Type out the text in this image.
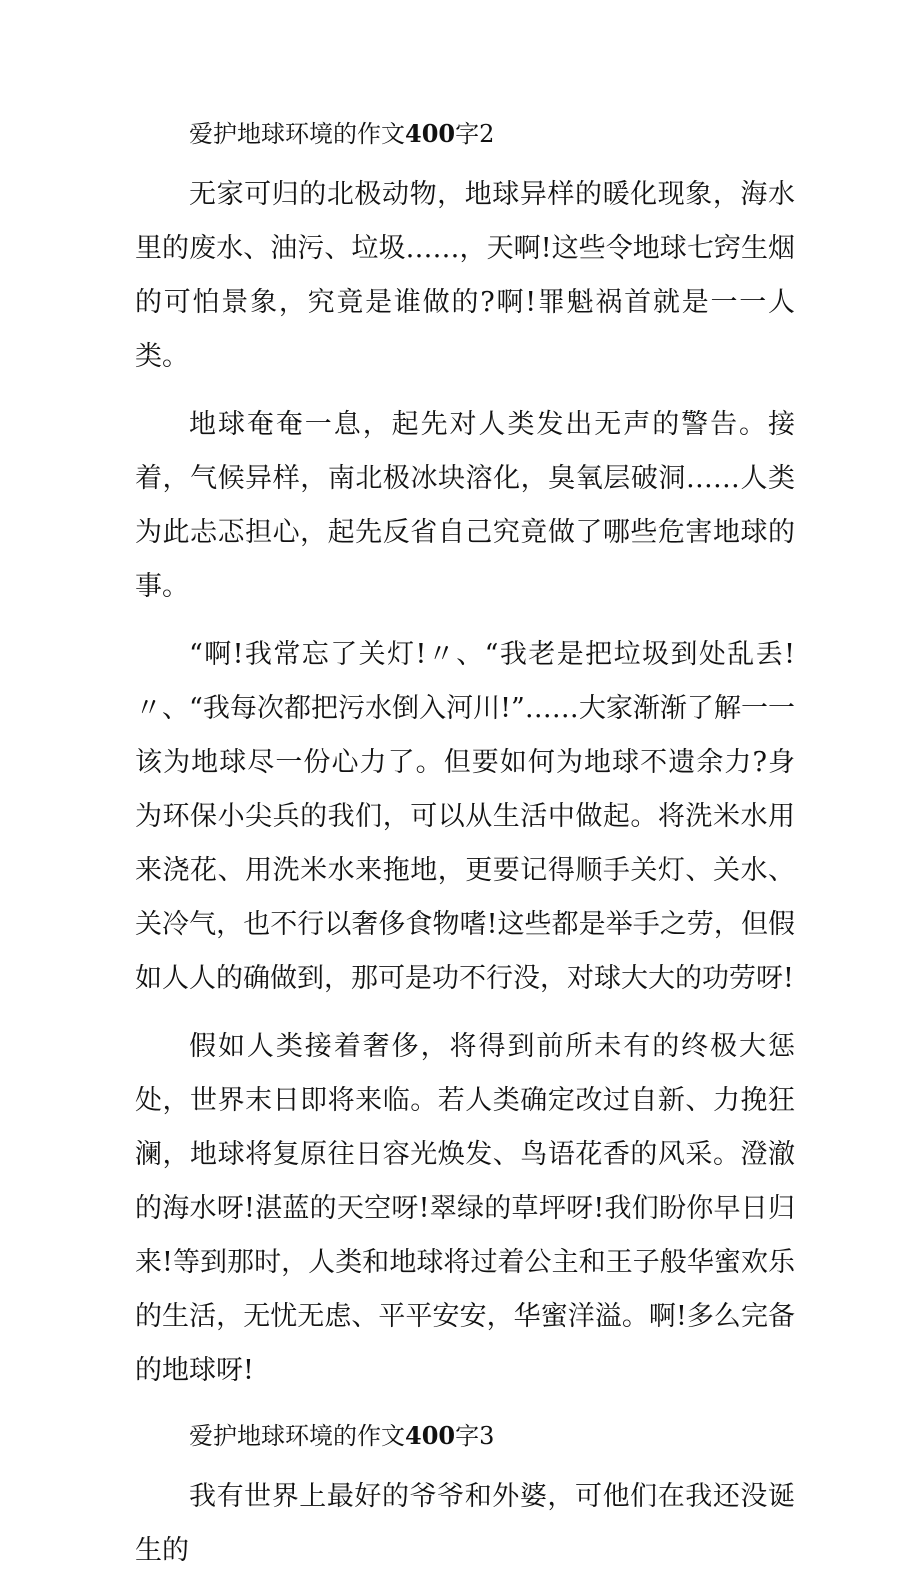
爱护地球环境的作文400字2

无家可归的北极动物，地球异样的暖化现象，海水里的废水、油污、垃圾……，天啊!这些令地球七窍生烟的可怕景象，究竟是谁做的?啊!罪魁祸首就是一一人类。

地球奄奄一息，起先对人类发出无声的警告。接着，气候异样，南北极冰块溶化，臭氧层破洞……人类为此忐忑担心，起先反省自己究竟做了哪些危害地球的事。

“啊!我常忘了关灯!〃、“我老是把垃圾到处乱丢!〃、“我每次都把污水倒入河川!”……大家渐渐了解一一该为地球尽一份心力了。但要如何为地球不遗余力?身为环保小尖兵的我们，可以从生活中做起。将洗米水用来浇花、用洗米水来拖地，更要记得顺手关灯、关水、关冷气，也不行以奢侈食物嗜!这些都是举手之劳，但假如人人的确做到，那可是功不行没，对球大大的功劳呀!

假如人类接着奢侈，将得到前所未有的终极大惩处，世界末日即将来临。若人类确定改过自新、力挽狂澜，地球将复原往日容光焕发、鸟语花香的风采。澄澈的海水呀!湛蓝的天空呀!翠绿的草坪呀!我们盼你早日归来!等到那时，人类和地球将过着公主和王子般华蜜欢乐的生活，无忧无虑、平平安安，华蜜洋溢。啊!多么完备的地球呀!

爱护地球环境的作文400字3

我有世界上最好的爷爷和外婆，可他们在我还没诞生的
